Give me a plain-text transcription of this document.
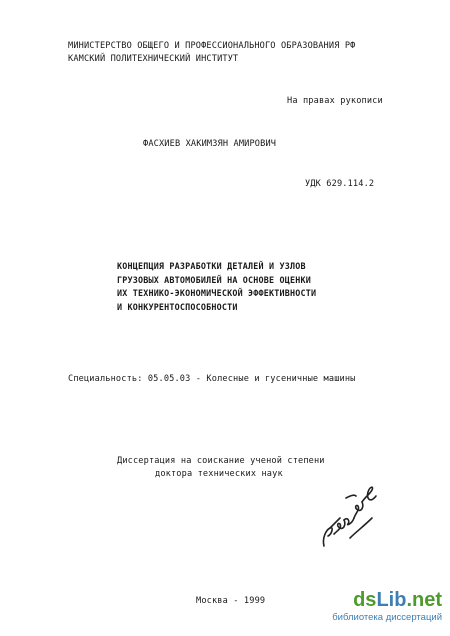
МИНИСТЕРСТВО ОБЩЕГО И ПРОФЕССИОНАЛЬНОГО ОБРАЗОВАНИЯ РФ
КАМСКИЙ ПОЛИТЕХНИЧЕСКИЙ ИНСТИТУТ
На правах рукописи
ФАСХИЕВ ХАКИМЗЯН АМИРОВИЧ
УДК 629.114.2
КОНЦЕПЦИЯ РАЗРАБОТКИ ДЕТАЛЕЙ И УЗЛОВ
ГРУЗОВЫХ АВТОМОБИЛЕЙ НА ОСНОВЕ ОЦЕНКИ
ИХ ТЕХНИКО-ЭКОНОМИЧЕСКОЙ ЭФФЕКТИВНОСТИ
И КОНКУРЕНТОСПОСОБНОСТИ
Специальность: 05.05.03 - Колесные и гусеничные машины
Диссертация на соискание ученой степени
доктора технических наук
Москва - 1999	dsLib.net
библиотека диссертаций
